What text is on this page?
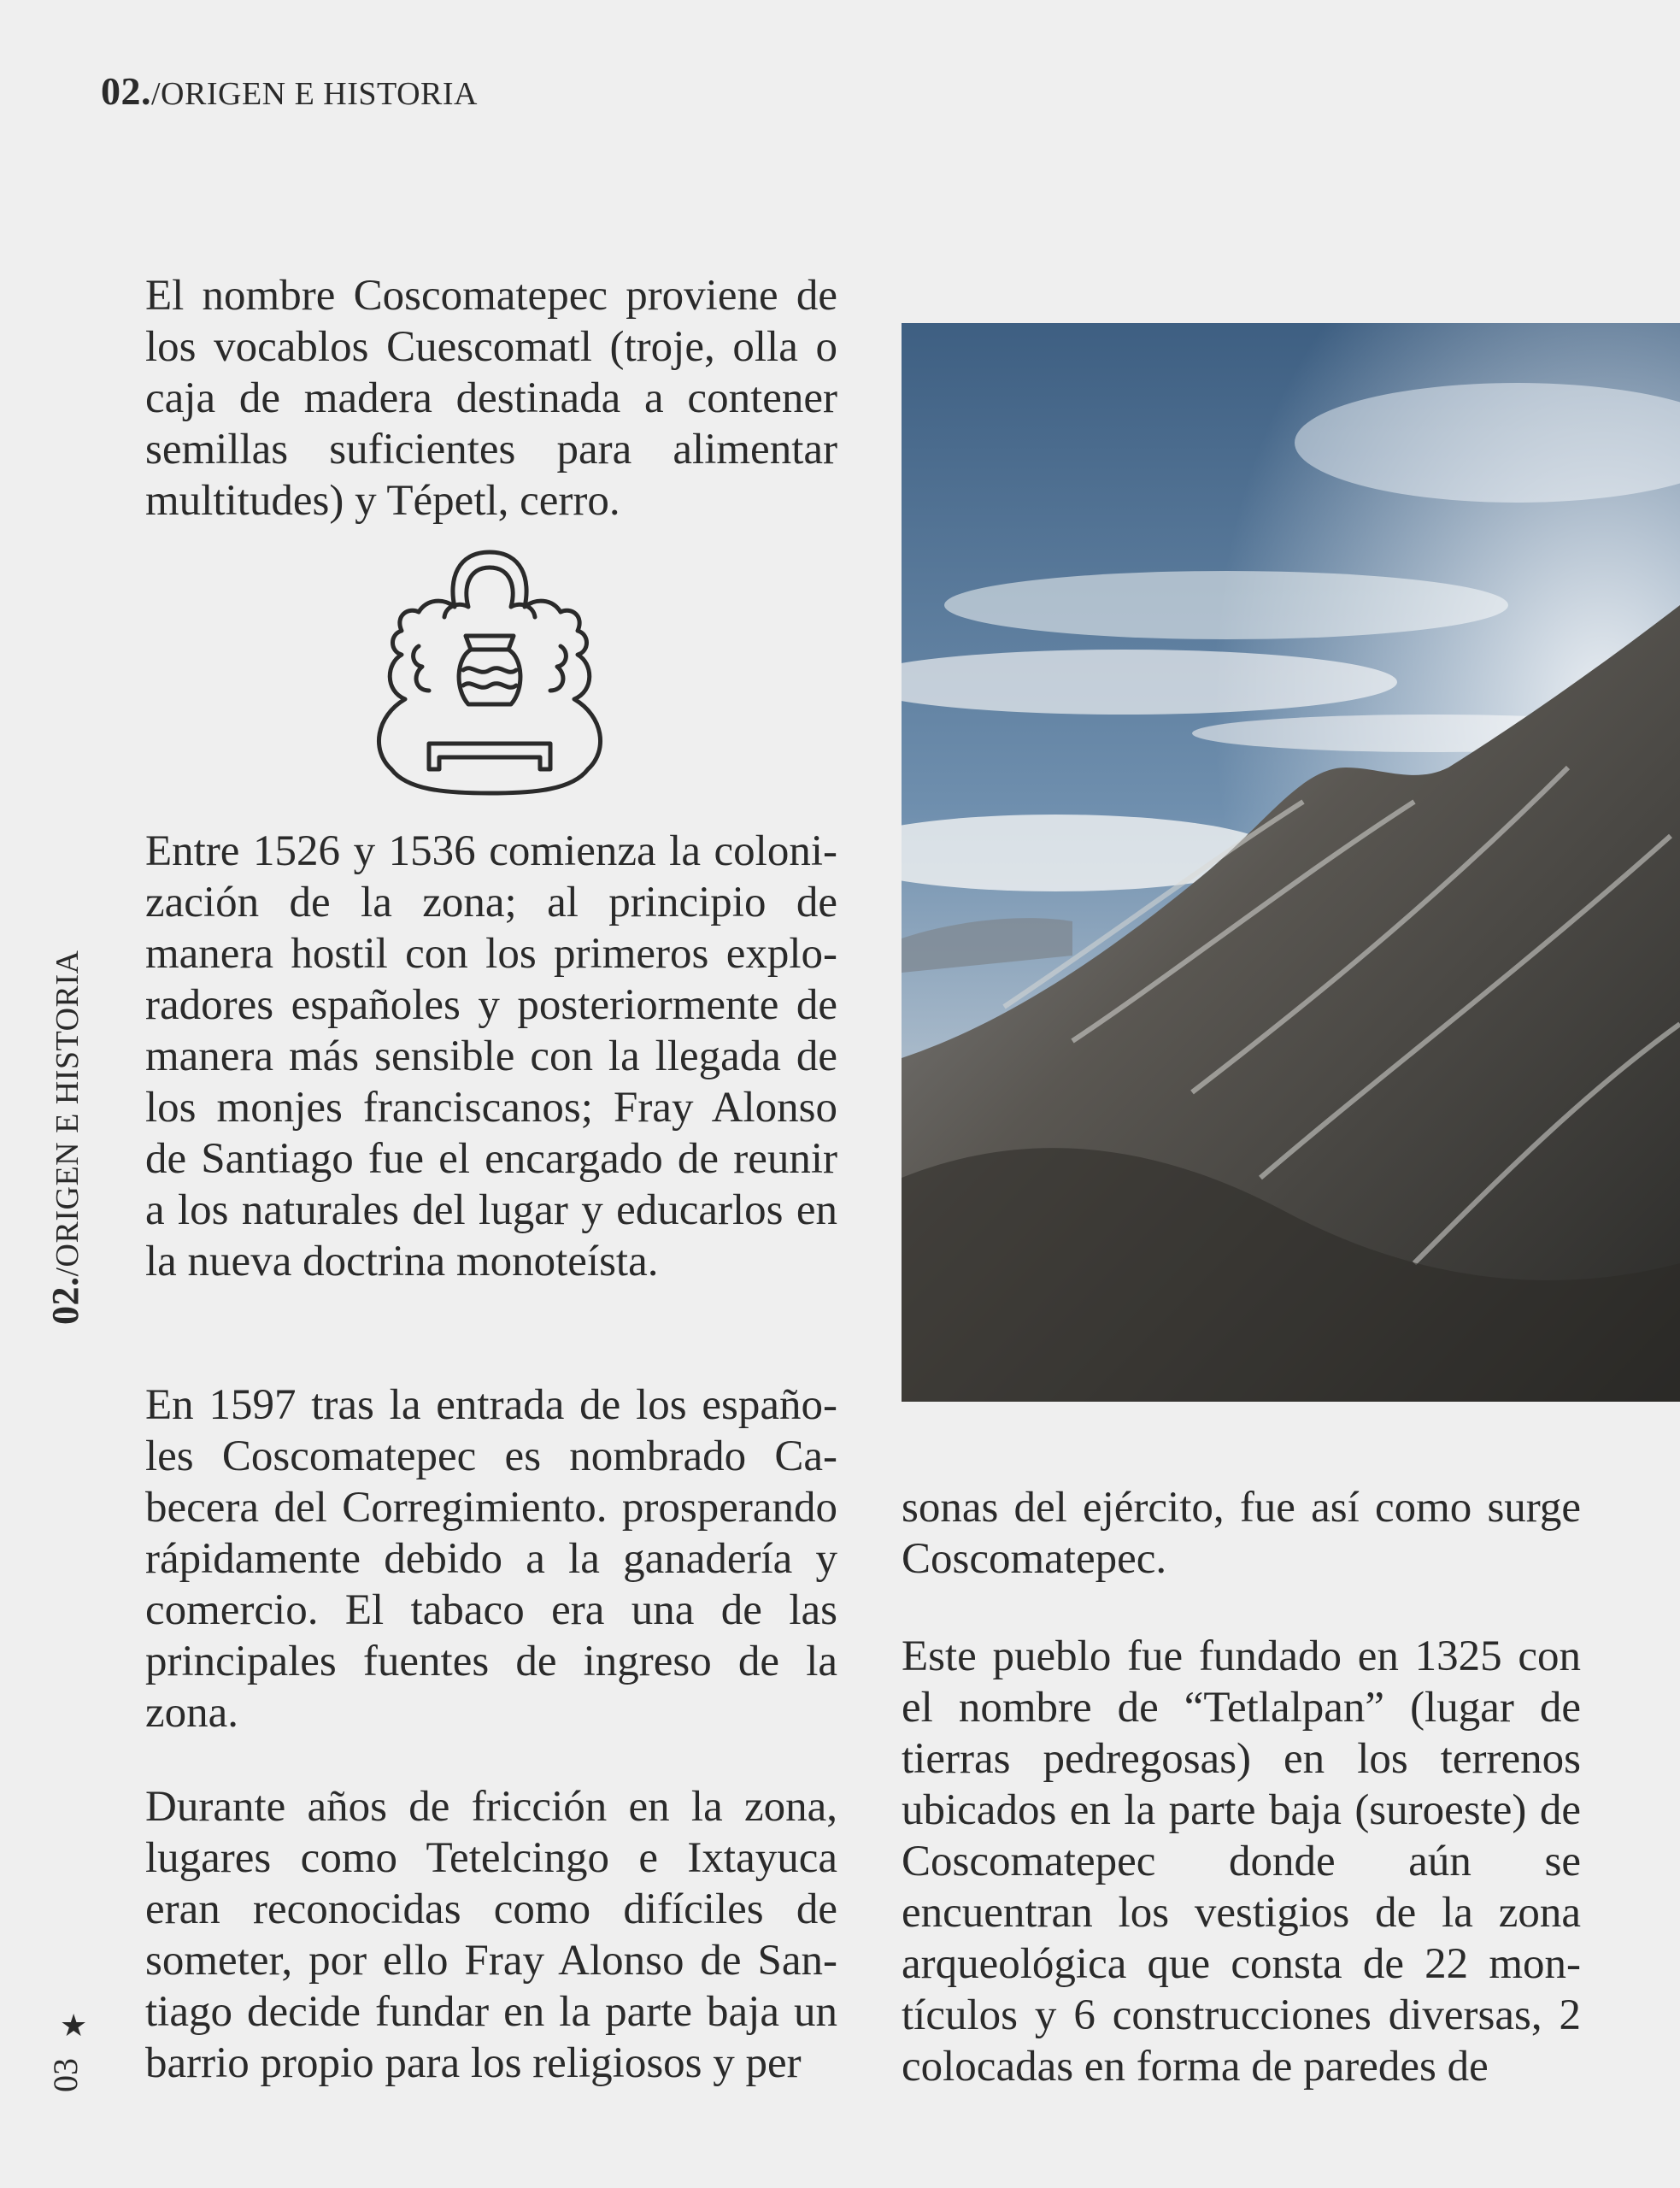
02./ORIGEN E HISTORIA
02./ORIGEN E HISTORIA
★
03

El nombre Coscomatepec proviene de los vocablos Cuescomatl (troje, olla o caja de madera destinada a contener semillas suficientes para alimentar multitudes) y Tépetl, cerro.

Entre 1526 y 1536 comienza la colonización de la zona; al principio de manera hostil con los primeros exploradores españoles y posteriormente de manera más sensible con la llegada de los monjes franciscanos; Fray Alonso de Santiago fue el encargado de reunir a los naturales del lugar y educarlos en la nueva doctrina monoteísta.

En 1597 tras la entrada de los españoles Coscomatepec es nombrado Cabecera del Corregimiento. prosperando rápidamente debido a la ganadería y comercio. El tabaco era una de las principales fuentes de ingreso de la zona.

Durante años de fricción en la zona, lugares como Tetelcingo e Ixtayuca eran reconocidas como difíciles de someter, por ello Fray Alonso de Santiago decide fundar en la parte baja un barrio propio para los religiosos y per

sonas del ejército, fue así como surge Coscomatepec.

Este pueblo fue fundado en 1325 con el nombre de “Tetlalpan” (lugar de tierras pedregosas) en los terrenos ubicados en la parte baja (suroeste) de Coscomatepec donde aún se encuentran los vestigios de la zona arqueológica que consta de 22 montículos y 6 construcciones diversas, 2 colocadas en forma de paredes de
